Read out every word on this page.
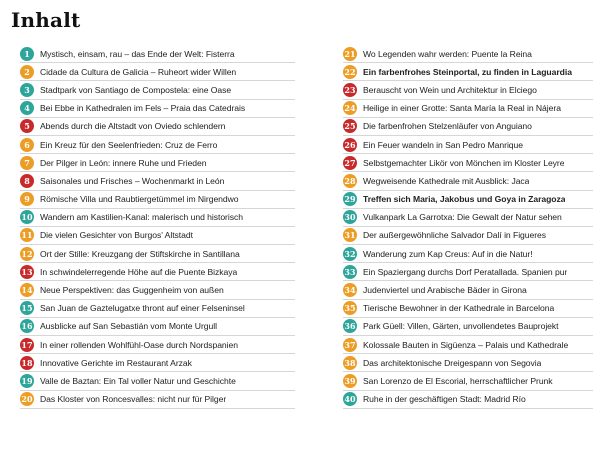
Inhalt
1	Mystisch, einsam, rau – das Ende der Welt: Fisterra
2	Cidade da Cultura de Galicia – Ruheort wider Willen
3	Stadtpark von Santiago de Compostela: eine Oase
4	Bei Ebbe in Kathedralen im Fels – Praia das Catedrais
5	Abends durch die Altstadt von Oviedo schlendern
6	Ein Kreuz für den Seelenfrieden: Cruz de Ferro
7	Der Pilger in León: innere Ruhe und Frieden
8	Saisonales und Frisches – Wochenmarkt in León
9	Römische Villa und Raubtiergetümmel im Nirgendwo
10 Wandern am Kastilien-Kanal: malerisch und historisch
11 Die vielen Gesichter von Burgos' Altstadt
12 Ort der Stille: Kreuzgang der Stiftskirche in Santillana
13 In schwindelerregende Höhe auf die Puente Bizkaya
14 Neue Perspektiven: das Guggenheim von außen
15 San Juan de Gaztelugatxe thront auf einer Felseninsel
16 Ausblicke auf San Sebastián vom Monte Urgull
17 In einer rollenden Wohlfühl-Oase durch Nordspanien
18 Innovative Gerichte im Restaurant Arzak
19 Valle de Baztan: Ein Tal voller Natur und Geschichte
20 Das Kloster von Roncesvalles: nicht nur für Pilger
21 Wo Legenden wahr werden: Puente la Reina
22 Ein farbenfrohes Steinportal, zu finden in Laguardia
23 Berauscht von Wein und Architektur in Elciego
24 Heilige in einer Grotte: Santa María la Real in Nájera
25 Die farbenfrohen Stelzenläufer von Anguiano
26 Ein Feuer wandeln in San Pedro Manrique
27 Selbstgemachter Likör von Mönchen im Kloster Leyre
28 Wegweisende Kathedrale mit Ausblick: Jaca
29 Treffen sich Maria, Jakobus und Goya in Zaragoza
30 Vulkanpark La Garrotxa: Die Gewalt der Natur sehen
31 Der außergewöhnliche Salvador Dalí in Figueres
32 Wanderung zum Kap Creus: Auf in die Natur!
33 Ein Spaziergang durchs Dorf Peratallada. Spanien pur
34 Judenviertel und Arabische Bäder in Girona
35 Tierische Bewohner in der Kathedrale in Barcelona
36 Park Güell: Villen, Gärten, unvollendetes Bauprojekt
37 Kolossale Bauten in Sigüenza – Palais und Kathedrale
38 Das architektonische Dreigespann von Segovia
39 San Lorenzo de El Escorial, herrschaftlicher Prunk
40 Ruhe in der geschäftigen Stadt: Madrid Río
